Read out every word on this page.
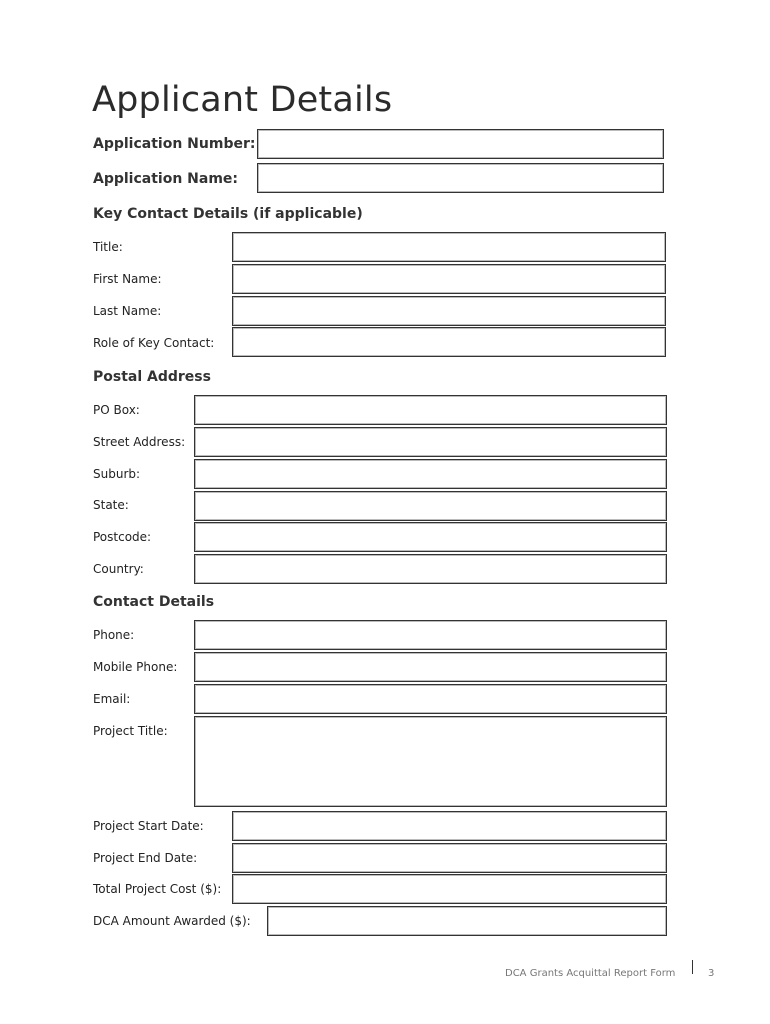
Applicant Details
Application Number:
Application Name:
Key Contact Details (if applicable)
Title:
First Name:
Last Name:
Role of Key Contact:
Postal Address
PO Box:
Street Address:
Suburb:
State:
Postcode:
Country:
Contact Details
Phone:
Mobile Phone:
Email:
Project Title:
Project Start Date:
Project End Date:
Total Project Cost ($):
DCA Amount Awarded ($):
DCA Grants Acquittal Report Form	3
